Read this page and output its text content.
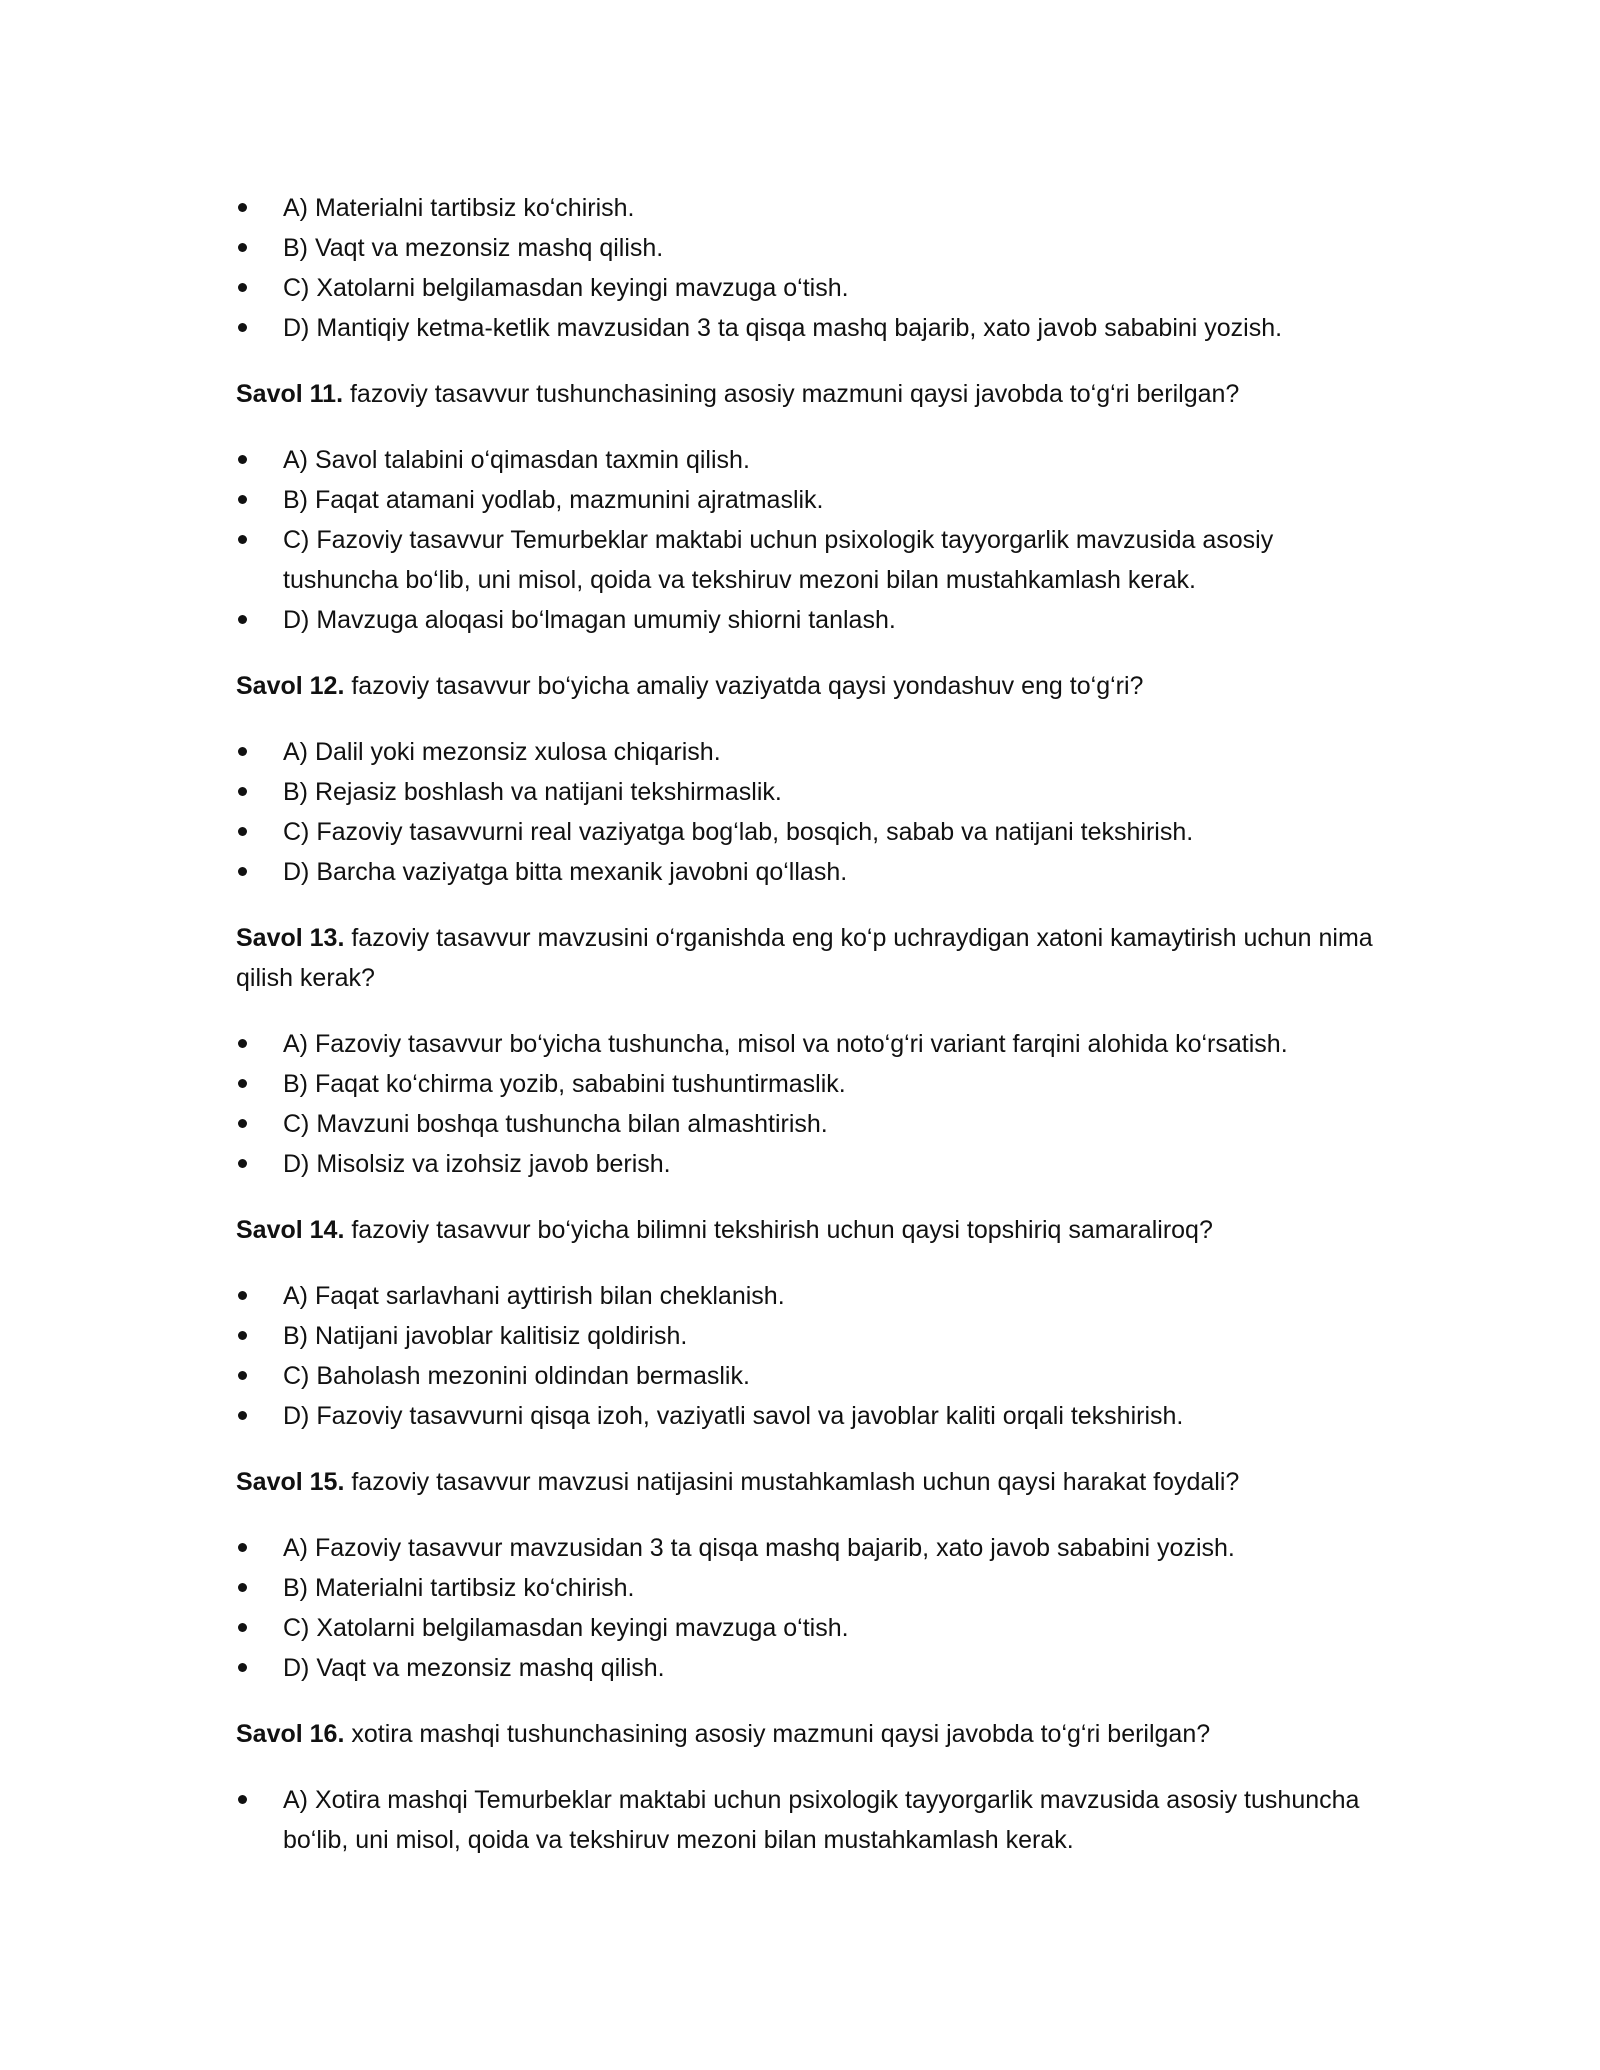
A) Materialni tartibsiz ko‘chirish.
B) Vaqt va mezonsiz mashq qilish.
C) Xatolarni belgilamasdan keyingi mavzuga o‘tish.
D) Mantiqiy ketma-ketlik mavzusidan 3 ta qisqa mashq bajarib, xato javob sababini yozish.

Savol 11. fazoviy tasavvur tushunchasining asosiy mazmuni qaysi javobda to‘g‘ri berilgan?

A) Savol talabini o‘qimasdan taxmin qilish.
B) Faqat atamani yodlab, mazmunini ajratmaslik.
C) Fazoviy tasavvur Temurbeklar maktabi uchun psixologik tayyorgarlik mavzusida asosiy tushuncha bo‘lib, uni misol, qoida va tekshiruv mezoni bilan mustahkamlash kerak.
D) Mavzuga aloqasi bo‘lmagan umumiy shiorni tanlash.

Savol 12. fazoviy tasavvur bo‘yicha amaliy vaziyatda qaysi yondashuv eng to‘g‘ri?

A) Dalil yoki mezonsiz xulosa chiqarish.
B) Rejasiz boshlash va natijani tekshirmaslik.
C) Fazoviy tasavvurni real vaziyatga bog‘lab, bosqich, sabab va natijani tekshirish.
D) Barcha vaziyatga bitta mexanik javobni qo‘llash.

Savol 13. fazoviy tasavvur mavzusini o‘rganishda eng ko‘p uchraydigan xatoni kamaytirish uchun nima qilish kerak?

A) Fazoviy tasavvur bo‘yicha tushuncha, misol va noto‘g‘ri variant farqini alohida ko‘rsatish.
B) Faqat ko‘chirma yozib, sababini tushuntirmaslik.
C) Mavzuni boshqa tushuncha bilan almashtirish.
D) Misolsiz va izohsiz javob berish.

Savol 14. fazoviy tasavvur bo‘yicha bilimni tekshirish uchun qaysi topshiriq samaraliroq?

A) Faqat sarlavhani ayttirish bilan cheklanish.
B) Natijani javoblar kalitisiz qoldirish.
C) Baholash mezonini oldindan bermaslik.
D) Fazoviy tasavvurni qisqa izoh, vaziyatli savol va javoblar kaliti orqali tekshirish.

Savol 15. fazoviy tasavvur mavzusi natijasini mustahkamlash uchun qaysi harakat foydali?

A) Fazoviy tasavvur mavzusidan 3 ta qisqa mashq bajarib, xato javob sababini yozish.
B) Materialni tartibsiz ko‘chirish.
C) Xatolarni belgilamasdan keyingi mavzuga o‘tish.
D) Vaqt va mezonsiz mashq qilish.

Savol 16. xotira mashqi tushunchasining asosiy mazmuni qaysi javobda to‘g‘ri berilgan?

A) Xotira mashqi Temurbeklar maktabi uchun psixologik tayyorgarlik mavzusida asosiy tushuncha bo‘lib, uni misol, qoida va tekshiruv mezoni bilan mustahkamlash kerak.
